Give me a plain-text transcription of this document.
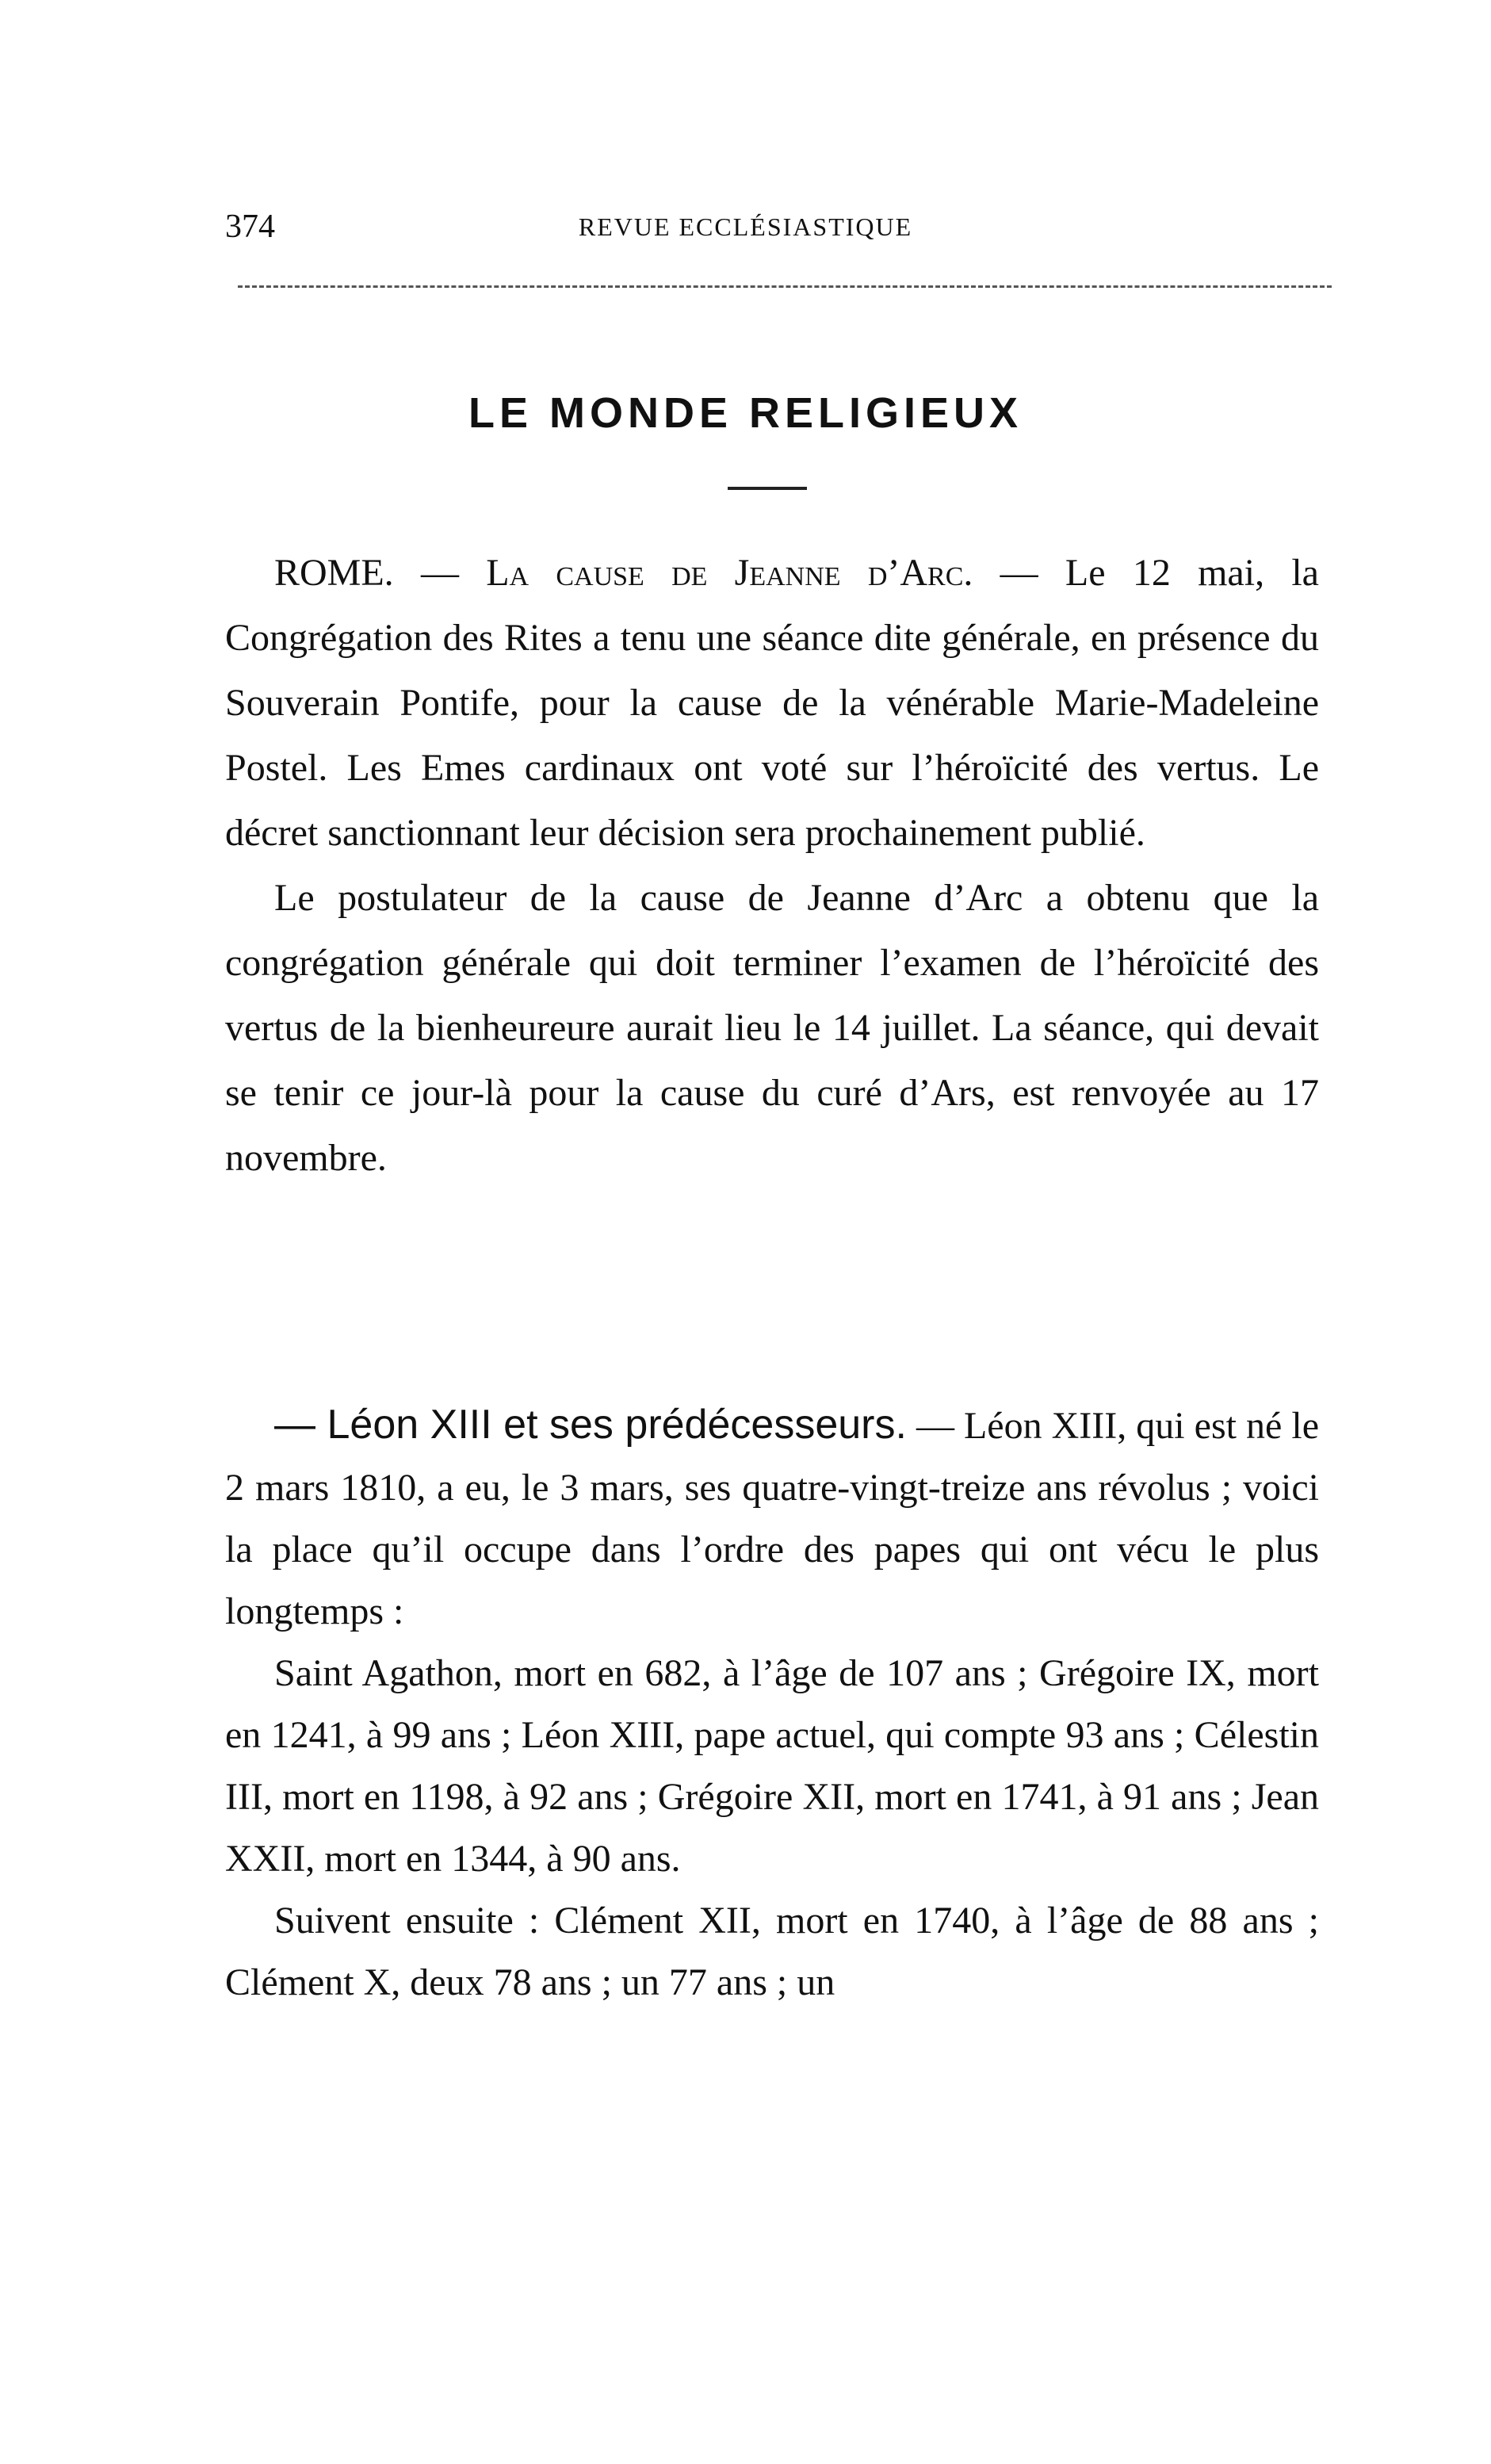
374	REVUE ECCLÉSIASTIQUE
LE MONDE RELIGIEUX

ROME. — La cause de Jeanne d’Arc. — Le 12 mai, la Congrégation des Rites a tenu une séance dite générale, en présence du Souverain Pontife, pour la cause de la vénérable Marie-Madeleine Postel. Les Emes cardinaux ont voté sur l’héroïcité des vertus. Le décret sanctionnant leur décision sera prochainement publié.

Le postulateur de la cause de Jeanne d’Arc a obtenu que la congrégation générale qui doit terminer l’examen de l’héroïcité des vertus de la bienheureure aurait lieu le 14 juillet. La séance, qui devait se tenir ce jour-là pour la cause du curé d’Ars, est renvoyée au 17 novembre.

— Léon XIII et ses prédécesseurs. — Léon XIII, qui est né le 2 mars 1810, a eu, le 3 mars, ses quatre-vingt-treize ans révolus ; voici la place qu’il occupe dans l’ordre des papes qui ont vécu le plus longtemps :

Saint Agathon, mort en 682, à l’âge de 107 ans ; Grégoire IX, mort en 1241, à 99 ans ; Léon XIII, pape actuel, qui compte 93 ans ; Célestin III, mort en 1198, à 92 ans ; Grégoire XII, mort en 1741, à 91 ans ; Jean XXII, mort en 1344, à 90 ans.

Suivent ensuite : Clément XII, mort en 1740, à l’âge de 88 ans ; Clément X, deux 78 ans ; un 77 ans ; un
